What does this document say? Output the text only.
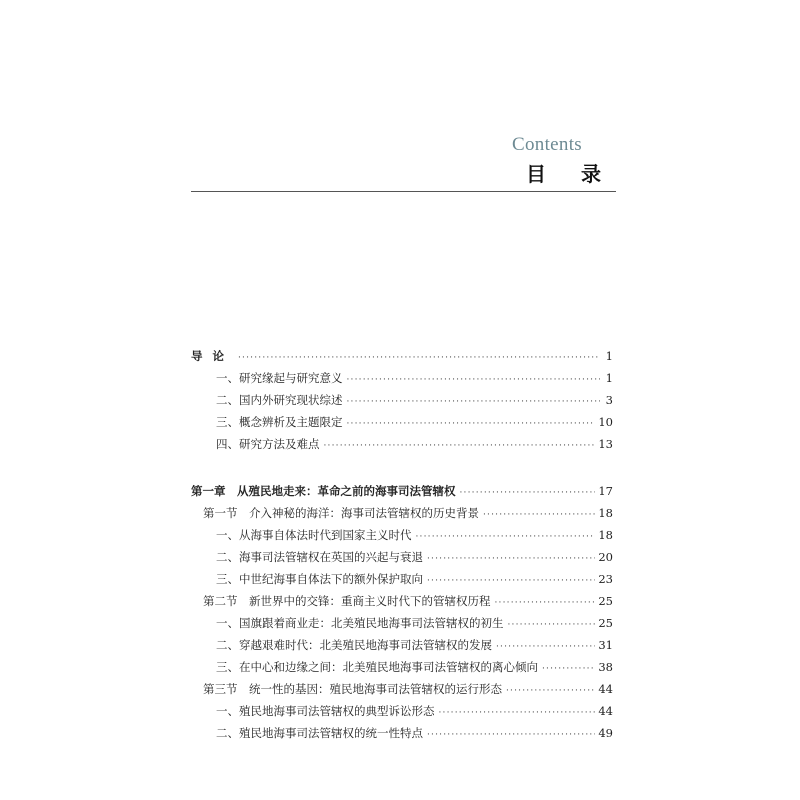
Contents
目 录
导论 ·····	1
一、研究缘起与研究意义 ·····	1
二、国内外研究现状综述 ·····	3
三、概念辨析及主题限定 ·····	10
四、研究方法及难点 ·····	13
第一章　从殖民地走来：革命之前的海事司法管辖权 ·····	17
第一节　介入神秘的海洋：海事司法管辖权的历史背景 ·····	18
一、从海事自体法时代到国家主义时代 ·····	18
二、海事司法管辖权在英国的兴起与衰退 ·····	20
三、中世纪海事自体法下的额外保护取向 ·····	23
第二节　新世界中的交锋：重商主义时代下的管辖权历程 ·····	25
一、国旗跟着商业走：北美殖民地海事司法管辖权的初生 ·····	25
二、穿越艰难时代：北美殖民地海事司法管辖权的发展 ·····	31
三、在中心和边缘之间：北美殖民地海事司法管辖权的离心倾向 ·····	38
第三节　统一性的基因：殖民地海事司法管辖权的运行形态 ·····	44
一、殖民地海事司法管辖权的典型诉讼形态 ·····	44
二、殖民地海事司法管辖权的统一性特点 ·····	49
